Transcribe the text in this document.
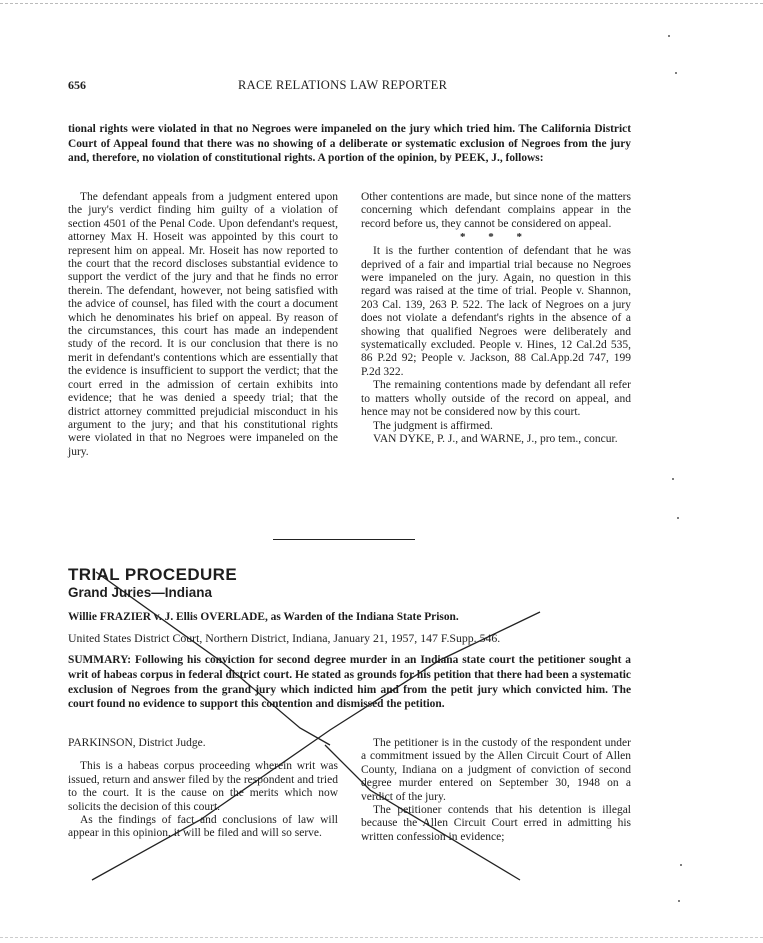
656	RACE RELATIONS LAW REPORTER
tional rights were violated in that no Negroes were impaneled on the jury which tried him. The California District Court of Appeal found that there was no showing of a deliberate or systematic exclusion of Negroes from the jury and, therefore, no violation of constitutional rights. A portion of the opinion, by PEEK, J., follows:

The defendant appeals from a judgment entered upon the jury's verdict finding him guilty of a violation of section 4501 of the Penal Code. Upon defendant's request, attorney Max H. Hoseit was appointed by this court to represent him on appeal. Mr. Hoseit has now reported to the court that the record discloses substantial evidence to support the verdict of the jury and that he finds no error therein. The defendant, however, not being satisfied with the advice of counsel, has filed with the court a document which he denominates his brief on appeal. By reason of the circumstances, this court has made an independent study of the record. It is our conclusion that there is no merit in defendant's contentions which are essentially that the evidence is insufficient to support the verdict; that the court erred in the admission of certain exhibits into evidence; that he was denied a speedy trial; that the district attorney committed prejudicial misconduct in his argument to the jury; and that his constitutional rights were violated in that no Negroes were impaneled on the jury.

Other contentions are made, but since none of the matters concerning which defendant complains appear in the record before us, they cannot be considered on appeal.

* * *

It is the further contention of defendant that he was deprived of a fair and impartial trial because no Negroes were impaneled on the jury. Again, no question in this regard was raised at the time of trial. People v. Shannon, 203 Cal. 139, 263 P. 522. The lack of Negroes on a jury does not violate a defendant's rights in the absence of a showing that qualified Negroes were deliberately and systematically excluded. People v. Hines, 12 Cal.2d 535, 86 P.2d 92; People v. Jackson, 88 Cal.App.2d 747, 199 P.2d 322.

The remaining contentions made by defendant all refer to matters wholly outside of the record on appeal, and hence may not be considered now by this court.

The judgment is affirmed.

VAN DYKE, P. J., and WARNE, J., pro tem., concur.

TRIAL PROCEDURE
Grand Juries—Indiana
Willie FRAZIER v. J. Ellis OVERLADE, as Warden of the Indiana State Prison.
United States District Court, Northern District, Indiana, January 21, 1957, 147 F.Supp. 546.
SUMMARY: Following his conviction for second degree murder in an Indiana state court the petitioner sought a writ of habeas corpus in federal district court. He stated as grounds for his petition that there had been a systematic exclusion of Negroes from the grand jury which indicted him and from the petit jury which convicted him. The court found no evidence to support this contention and dismissed the petition.

PARKINSON, District Judge.

This is a habeas corpus proceeding wherein writ was issued, return and answer filed by the respondent and tried to the court. It is the cause on the merits which now solicits the decision of this court.

As the findings of fact and conclusions of law will appear in this opinion, it will be filed and will so serve.

The petitioner is in the custody of the respondent under a commitment issued by the Allen Circuit Court of Allen County, Indiana on a judgment of conviction of second degree murder entered on September 30, 1948 on a verdict of the jury.

The petitioner contends that his detention is illegal because the Allen Circuit Court erred in admitting his written confession in evidence;
